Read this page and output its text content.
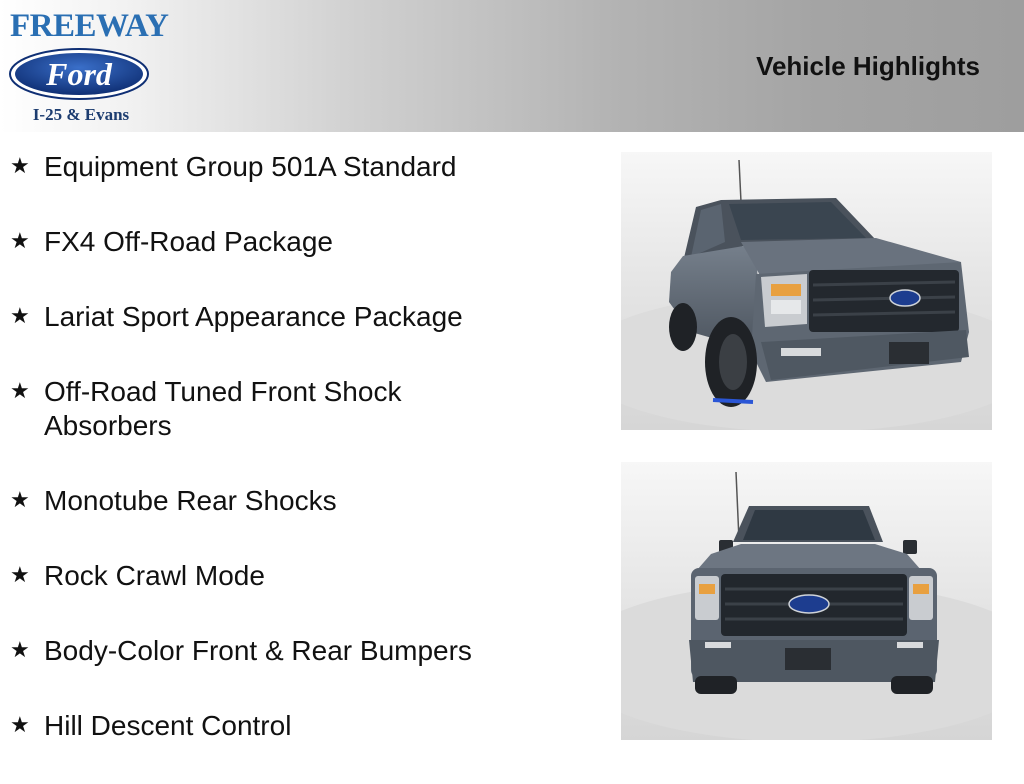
FREEWAY
Ford
I-25 & Evans
Vehicle Highlights
★ Equipment Group 501A Standard
★ FX4 Off-Road Package
★ Lariat Sport Appearance Package
★ Off-Road Tuned Front Shock Absorbers
★ Monotube Rear Shocks
★ Rock Crawl Mode
★ Body-Color Front & Rear Bumpers
★ Hill Descent Control
